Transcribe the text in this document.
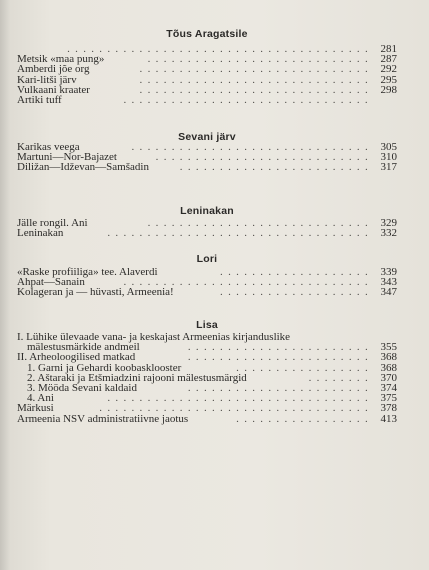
Tõus Aragatsile
...................................... 281
Metsik «maa pung»	............................ 287
Amberdi jõe org	............................. 292
Kari-litši järv	............................. 295
Vulkaani kraater	............................. 298
Artiki tuff	...............................
Sevani järv
Karikas veega	.............................. 305
Martuni—Nor-Bajazet	........................... 310
Diližan—Idževan—Samšadin	........................ 317
Leninakan
Jälle rongil. Ani	............................ 329
Leninakan	................................. 332
Lori
«Raske profiiliga» tee. Alaverdi	................... 339
Ahpat—Sanain	............................... 343
Kolageran ja — hüvasti, Armeenia!	................... 347
Lisa
I. Lühike ülevaade vana- ja keskajast Armeenias kirjanduslike
mälestusmärkide andmeil	....................... 355
II. Arheoloogilised matkad	....................... 368
1. Garni ja Gehardi koobasklooster	................. 368
2. Aštaraki ja Etšmiadzini rajooni mälestusmärgid	........ 370
3. Mööda Sevani kaldaid	....................... 374
4. Ani	................................. 375
Märkusi	.................................. 378
Armeenia NSV administratiivne jaotus	................. 413
